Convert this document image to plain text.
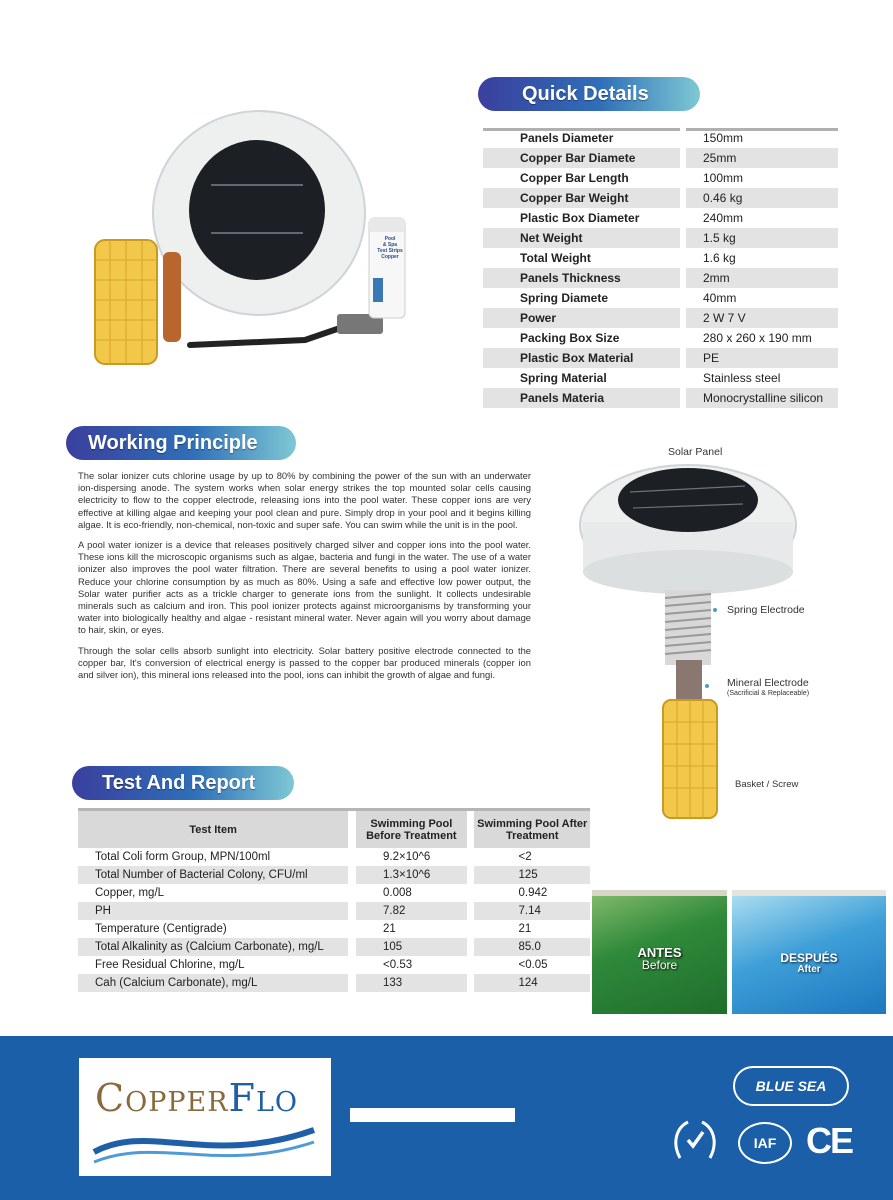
Pool
& Spa
Test Strips
Copper
Quick Details
Panels Diameter		150mm
Copper Bar Diamete		25mm
Copper Bar Length		100mm
Copper Bar Weight		0.46 kg
Plastic Box Diameter		240mm
Net Weight		1.5 kg
Total Weight		1.6 kg
Panels Thickness		2mm
Spring Diamete		40mm
Power		2 W 7 V
Packing Box Size		280 x 260 x 190 mm
Plastic Box Material		PE
Spring Material		Stainless steel
Panels Materia		Monocrystalline silicon
Working Principle

The solar ionizer cuts chlorine usage by up to 80% by combining the power of the sun with an underwater ion-dispersing anode. The system works when solar energy strikes the top mounted solar cells causing electricity to flow to the copper electrode, releasing ions into the pool water. These copper ions are very effective at killing algae and keeping your pool clean and pure. Simply drop in your pool and it begins killing algae. It is eco-friendly, non-chemical, non-toxic and super safe. You can swim while the unit is in the pool.

A pool water ionizer is a device that releases positively charged silver and copper ions into the pool water. These ions kill the microscopic organisms such as algae, bacteria and fungi in the water. The use of a water ionizer also improves the pool water filtration. There are several benefits to using a pool water ionizer. Reduce your chlorine consumption by as much as 80%. Using a safe and effective low power output, the Solar water purifier acts as a trickle charger to generate ions from the sunlight. It collects undesirable minerals such as calcium and iron. This pool ionizer protects against microorganisms by transforming your water into biologically healthy and algae - resistant mineral water. Never again will you worry about damage to hair, skin, or eyes.

Through the solar cells absorb sunlight into electricity. Solar battery positive electrode connected to the copper bar, It's conversion of electrical energy is passed to the copper bar produced minerals (copper ion and silver ion), this mineral ions released into the pool, ions can inhibit the growth of algae and fungi.

Solar Panel
Spring Electrode
Mineral Electrode
(Sacrificial & Replaceable)
Basket / Screw
Test And Report
Test Item		Swimming Pool Before Treatment		Swimming Pool After Treatment
Total Coli form Group, MPN/100ml		9.2×10^6		<2
Total Number of Bacterial Colony, CFU/ml		1.3×10^6		125
Copper, mg/L		0.008		0.942
PH		7.82		7.14
Temperature (Centigrade)		21		21
Total Alkalinity as (Calcium Carbonate), mg/L		105		85.0
Free Residual Chlorine, mg/L		<0.53		<0.05
Cah (Calcium Carbonate), mg/L		133		124
ANTES
Before	DESPUÉS
After
CopperFlo	BLUE SEA
IAF CE
